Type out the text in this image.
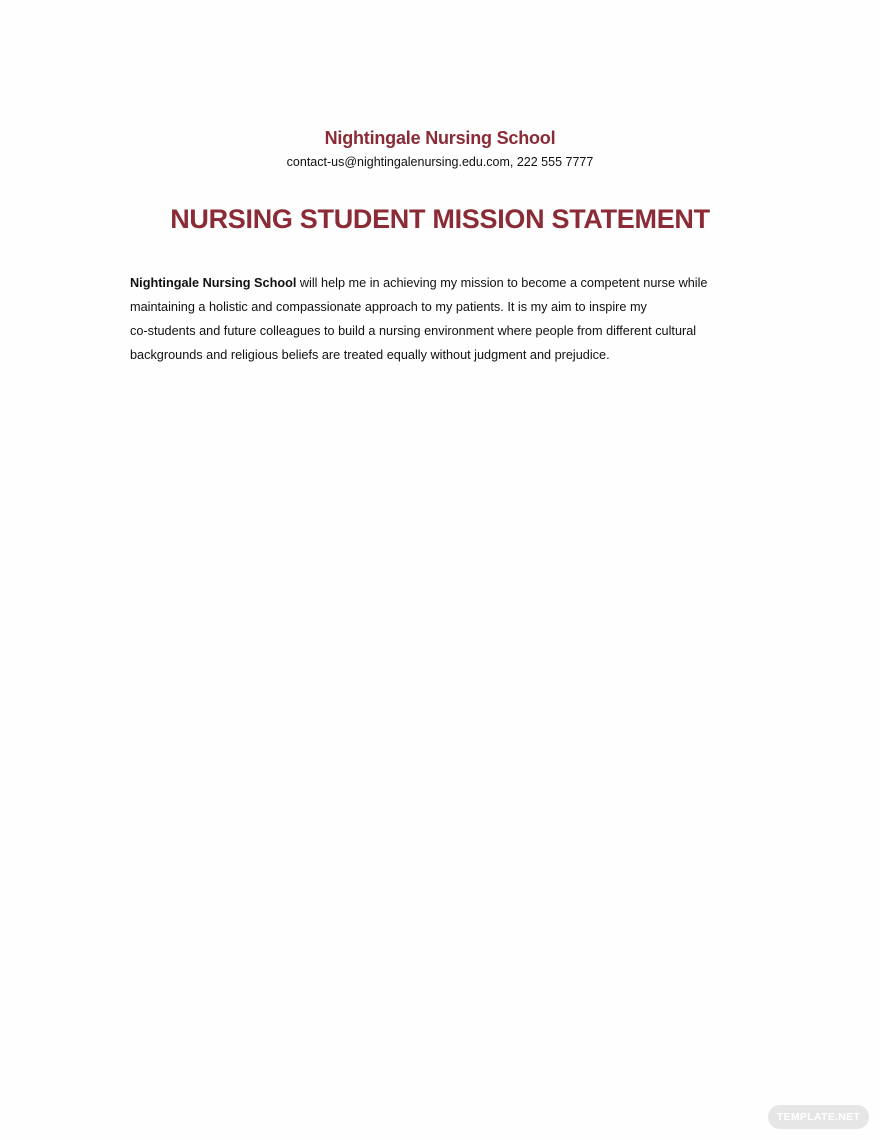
Nightingale Nursing School
contact-us@nightingalenursing.edu.com, 222 555 7777
NURSING STUDENT MISSION STATEMENT
Nightingale Nursing School will help me in achieving my mission to become a competent nurse while
maintaining a holistic and compassionate approach to my patients. It is my aim to inspire my
co-students and future colleagues to build a nursing environment where people from different cultural
backgrounds and religious beliefs are treated equally without judgment and prejudice.
TEMPLATE.NET
